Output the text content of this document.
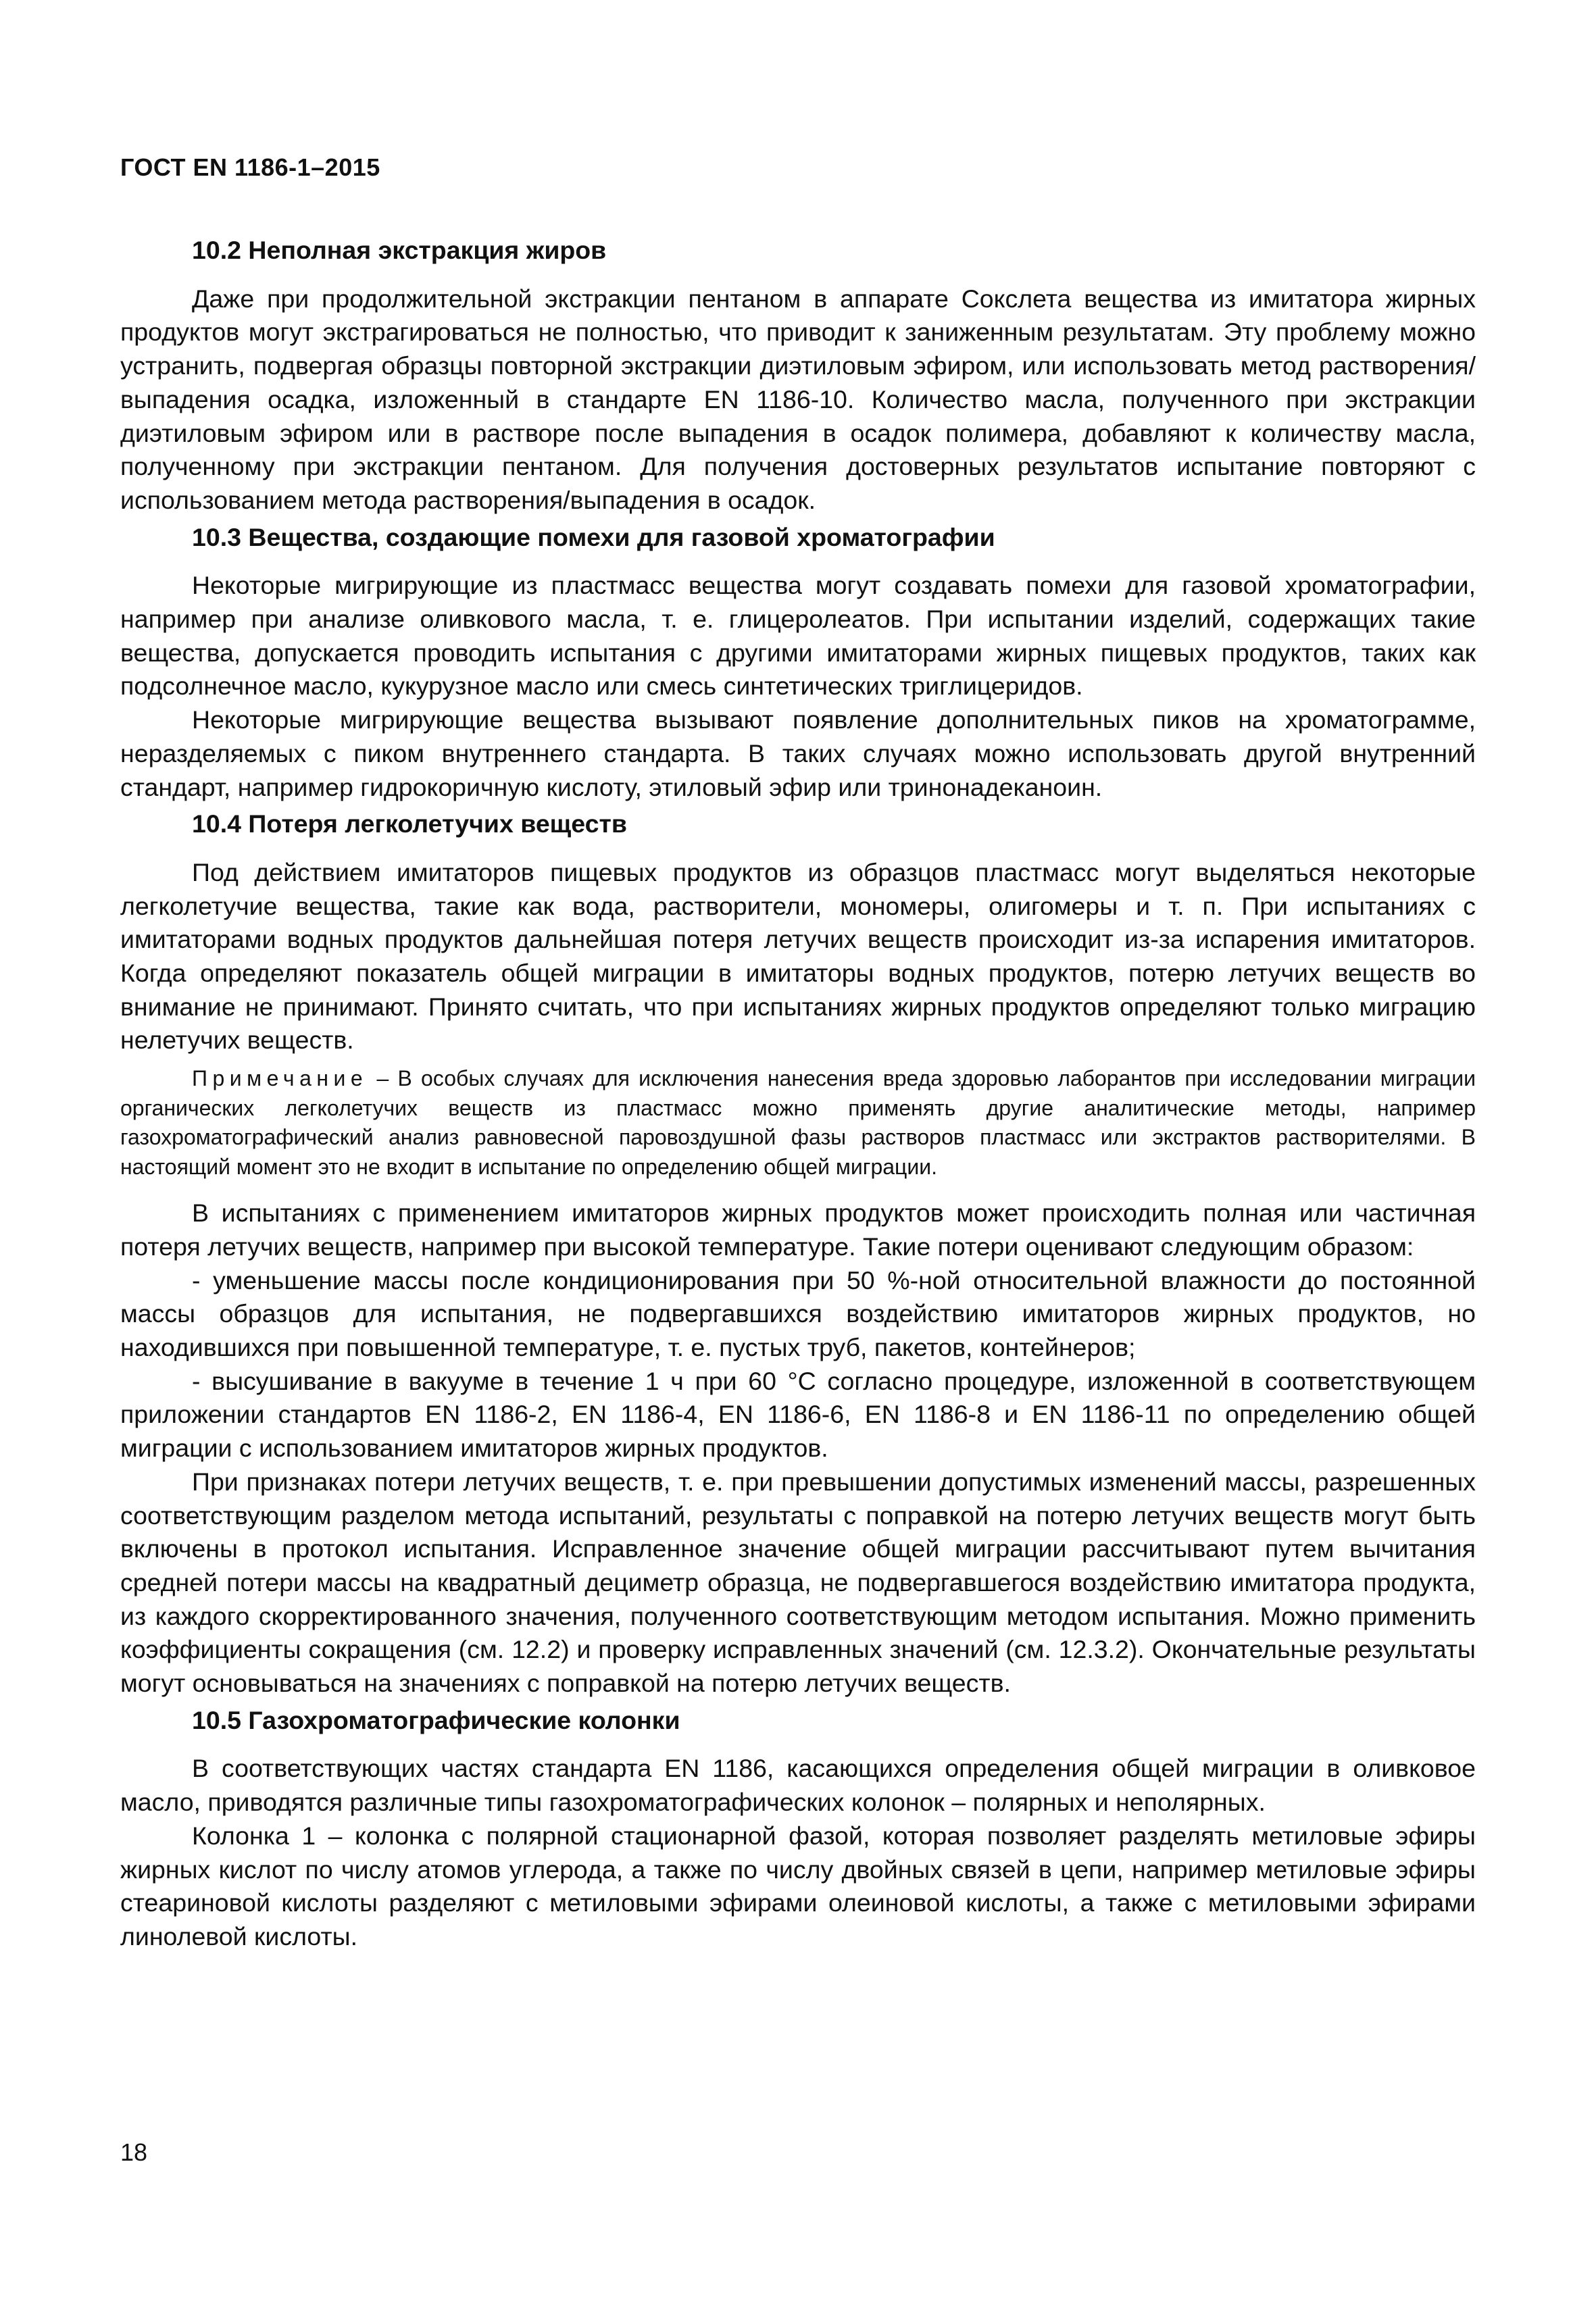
ГОСТ EN 1186-1–2015
10.2 Неполная экстракция жиров

Даже при продолжительной экстракции пентаном в аппарате Сокслета вещества из имитатора жирных продуктов могут экстрагироваться не полностью, что приводит к заниженным результатам. Эту проблему можно устранить, подвергая образцы повторной экстракции диэтиловым эфиром, или использовать метод растворения/ выпадения осадка, изложенный в стандарте EN 1186-10. Количество масла, полученного при экстракции диэтиловым эфиром или в растворе после выпадения в осадок полимера, добавляют к количеству масла, полученному при экстракции пентаном. Для получения достоверных результатов испытание повторяют с использованием метода растворения/выпадения в осадок.

10.3 Вещества, создающие помехи для газовой хроматографии

Некоторые мигрирующие из пластмасс вещества могут создавать помехи для газовой хроматографии, например при анализе оливкового масла, т. е. глицеролеатов. При испытании изделий, содержащих такие вещества, допускается проводить испытания с другими имитаторами жирных пищевых продуктов, таких как подсолнечное масло, кукурузное масло или смесь синтетических триглицеридов.

Некоторые мигрирующие вещества вызывают появление дополнительных пиков на хроматограмме, неразделяемых с пиком внутреннего стандарта. В таких случаях можно использовать другой внутренний стандарт, например гидрокоричную кислоту, этиловый эфир или тринонадеканоин.

10.4 Потеря легколетучих веществ

Под действием имитаторов пищевых продуктов из образцов пластмасс могут выделяться некоторые легколетучие вещества, такие как вода, растворители, мономеры, олигомеры и т. п. При испытаниях с имитаторами водных продуктов дальнейшая потеря летучих веществ происходит из-за испарения имитаторов. Когда определяют показатель общей миграции в имитаторы водных продуктов, потерю летучих веществ во внимание не принимают. Принято считать, что при испытаниях жирных продуктов определяют только миграцию нелетучих веществ.

Примечание – В особых случаях для исключения нанесения вреда здоровью лаборантов при исследовании миграции органических легколетучих веществ из пластмасс можно применять другие аналитические методы, например газохроматографический анализ равновесной паровоздушной фазы растворов пластмасс или экстрактов растворителями. В настоящий момент это не входит в испытание по определению общей миграции.

В испытаниях с применением имитаторов жирных продуктов может происходить полная или частичная потеря летучих веществ, например при высокой температуре. Такие потери оценивают следующим образом:

- уменьшение массы после кондиционирования при 50 %-ной относительной влажности до постоянной массы образцов для испытания, не подвергавшихся воздействию имитаторов жирных продуктов, но находившихся при повышенной температуре, т. е. пустых труб, пакетов, контейнеров;

- высушивание в вакууме в течение 1 ч при 60 °С согласно процедуре, изложенной в соответствующем приложении стандартов EN 1186-2, EN 1186-4, EN 1186-6, EN 1186-8 и EN 1186-11 по определению общей миграции с использованием имитаторов жирных продуктов.

При признаках потери летучих веществ, т. е. при превышении допустимых изменений массы, разрешенных соответствующим разделом метода испытаний, результаты с поправкой на потерю летучих веществ могут быть включены в протокол испытания. Исправленное значение общей миграции рассчитывают путем вычитания средней потери массы на квадратный дециметр образца, не подвергавшегося воздействию имитатора продукта, из каждого скорректированного значения, полученного соответствующим методом испытания. Можно применить коэффициенты сокращения (см. 12.2) и проверку исправленных значений (см. 12.3.2). Окончательные результаты могут основываться на значениях с поправкой на потерю летучих веществ.

10.5 Газохроматографические колонки

В соответствующих частях стандарта EN 1186, касающихся определения общей миграции в оливковое масло, приводятся различные типы газохроматографических колонок – полярных и неполярных.

Колонка 1 – колонка с полярной стационарной фазой, которая позволяет разделять метиловые эфиры жирных кислот по числу атомов углерода, а также по числу двойных связей в цепи, например метиловые эфиры стеариновой кислоты разделяют с метиловыми эфирами олеиновой кислоты, а также с метиловыми эфирами линолевой кислоты.

18
